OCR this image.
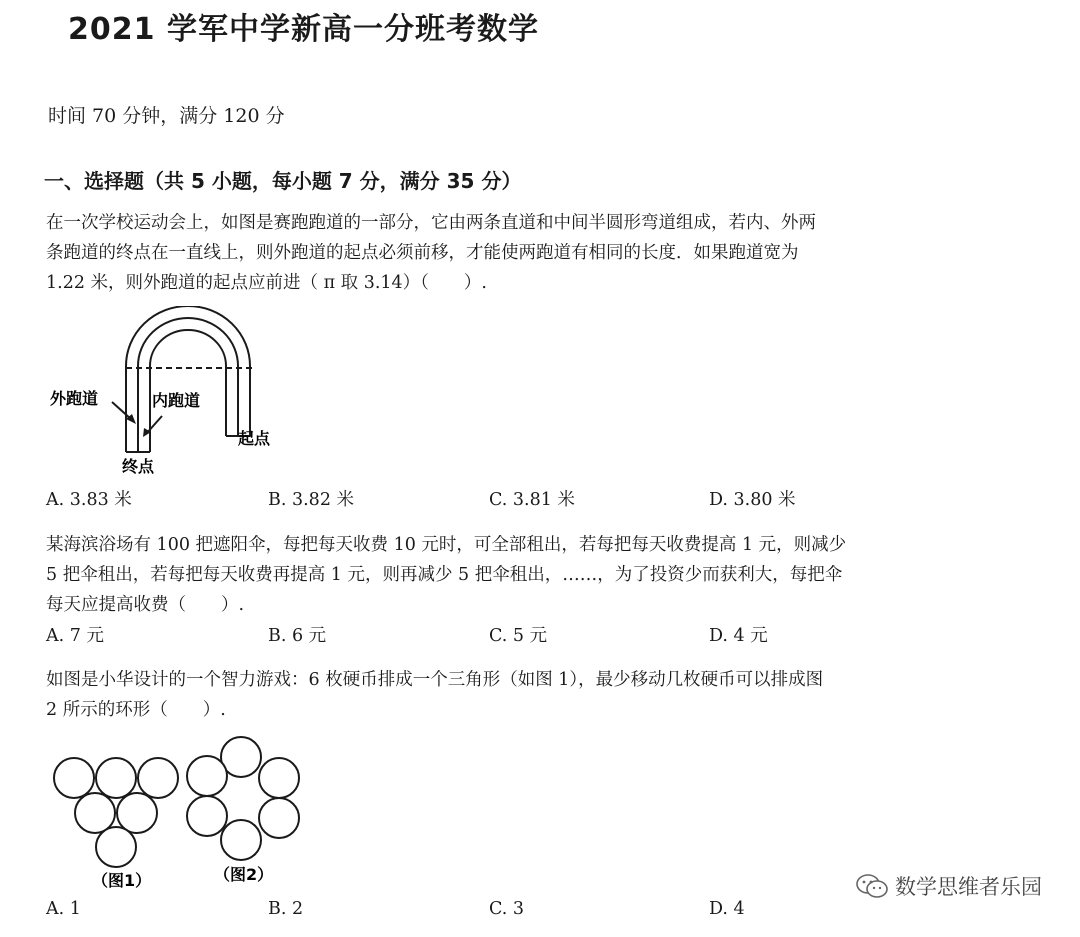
2021 学军中学新高一分班考数学
时间 70 分钟，满分 120 分
一、选择题（共 5 小题，每小题 7 分，满分 35 分）
在一次学校运动会上，如图是赛跑跑道的一部分，它由两条直道和中间半圆形弯道组成，若内、外两
条跑道的终点在一直线上，则外跑道的起点必须前移，才能使两跑道有相同的长度．如果跑道宽为
1.22 米，则外跑道的起点应前进（ π 取 3.14）（　　）.
外跑道	内跑道
起点
终点
A. 3.83 米	B. 3.82 米	C. 3.81 米	D. 3.80 米
某海滨浴场有 100 把遮阳伞，每把每天收费 10 元时，可全部租出，若每把每天收费提高 1 元，则减少
5 把伞租出，若每把每天收费再提高 1 元，则再减少 5 把伞租出，……，为了投资少而获利大，每把伞
每天应提高收费（　　）.
A. 7 元	B. 6 元	C. 5 元	D. 4 元
如图是小华设计的一个智力游戏：6 枚硬币排成一个三角形（如图 1），最少移动几枚硬币可以排成图
2 所示的环形（　　）.
（图1）	（图2）
A. 1	B. 2	C. 3	D. 4
数学思维者乐园
